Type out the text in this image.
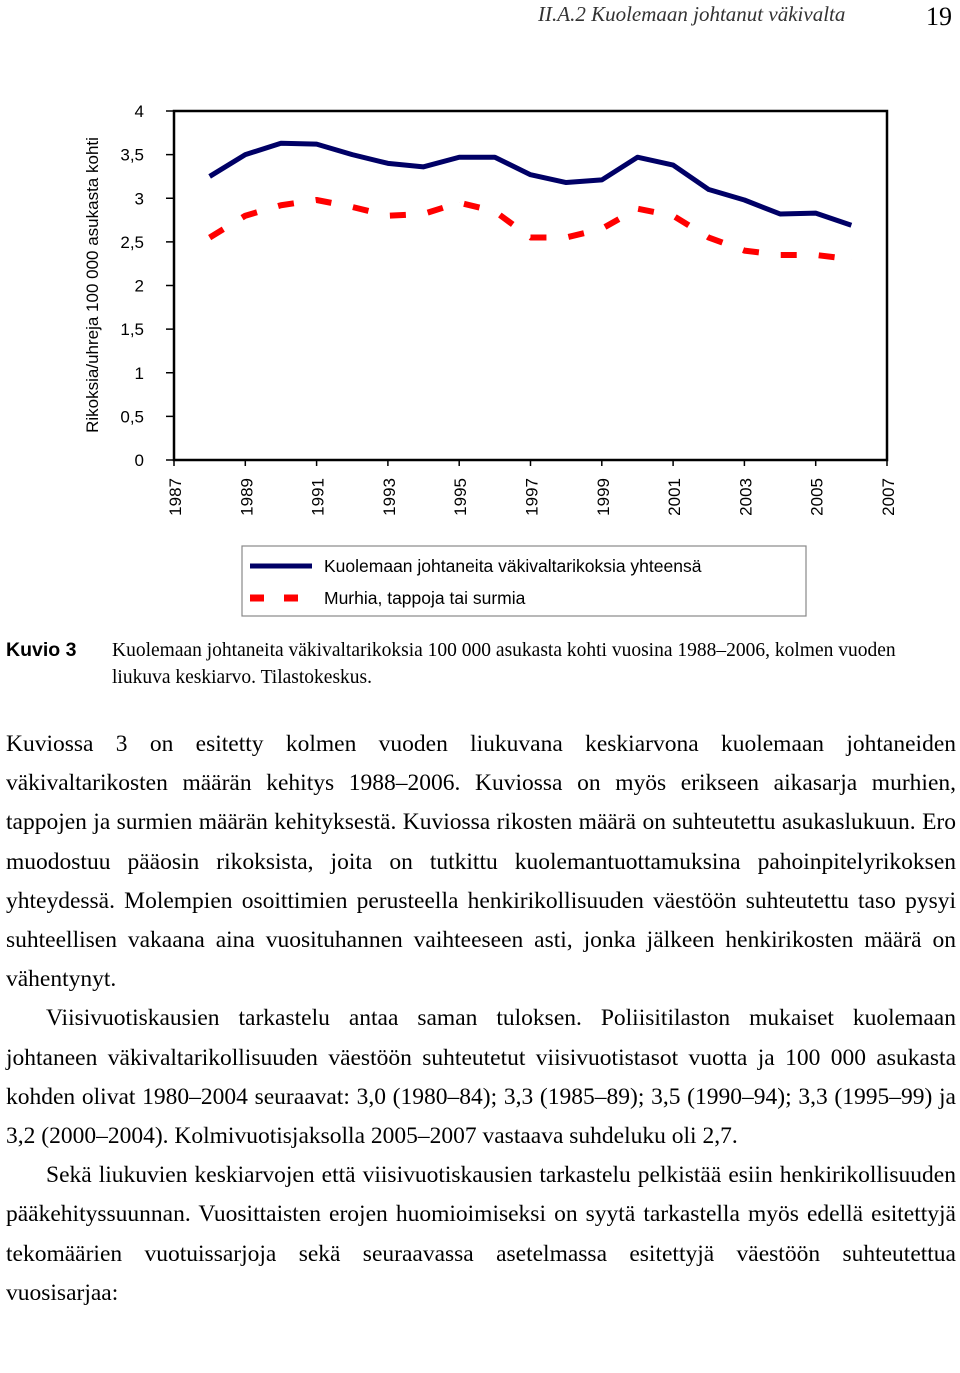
II.A.2 Kuolemaan johtanut väkivalta	19
0
0,5
1
1,5
2
2,5
3
3,5
4
1987	1989	1991	1993	1995	1997	1999	2001	2003	2005	2007
Rikoksia/uhreja 100 000 asukasta kohti
Kuolemaan johtaneita väkivaltarikoksia yhteensä
Murhia, tappoja tai surmia
Kuvio 3 Kuolemaan johtaneita väkivaltarikoksia 100 000 asukasta kohti vuosina 1988–2006, kolmen vuoden liukuva keskiarvo. Tilastokeskus.

Kuviossa 3 on esitetty kolmen vuoden liukuvana keskiarvona kuolemaan johtaneiden väkivaltarikosten määrän kehitys 1988–2006. Kuviossa on myös erikseen aikasarja murhien, tappojen ja surmien määrän kehityksestä. Kuviossa rikosten määrä on suhteutettu asukaslukuun. Ero muodostuu pääosin rikoksista, joita on tutkittu kuolemantuottamuksina pahoinpitelyrikoksen yhteydessä. Molempien osoittimien perusteella henkirikollisuuden väestöön suhteutettu taso pysyi suhteellisen vakaana aina vuosituhannen vaihteeseen asti, jonka jälkeen henkirikosten määrä on vähentynyt.

Viisivuotiskausien tarkastelu antaa saman tuloksen. Poliisitilaston mukaiset kuolemaan johtaneen väkivaltarikollisuuden väestöön suhteutetut viisivuotistasot vuotta ja 100 000 asukasta kohden olivat 1980–2004 seuraavat: 3,0 (1980–84); 3,3 (1985–89); 3,5 (1990–94); 3,3 (1995–99) ja 3,2 (2000–2004). Kolmivuotisjaksolla 2005–2007 vastaava suhdeluku oli 2,7.

Sekä liukuvien keskiarvojen että viisivuotiskausien tarkastelu pelkistää esiin henkirikollisuuden pääkehityssuunnan. Vuosittaisten erojen huomioimiseksi on syytä tarkastella myös edellä esitettyjä tekomäärien vuotuissarjoja sekä seuraavassa asetelmassa esitettyjä väestöön suhteutettua vuosisarjaa:
